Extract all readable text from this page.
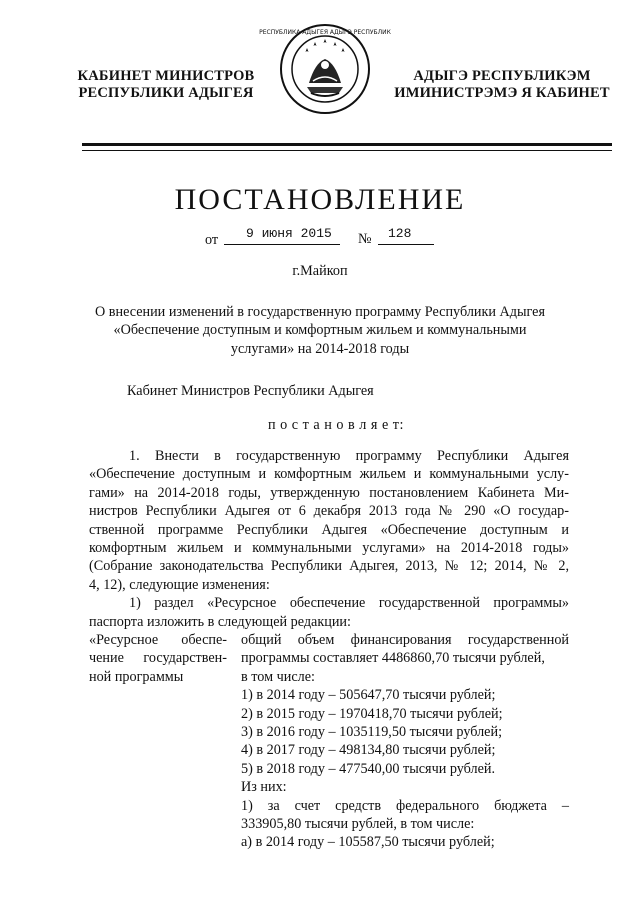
КАБИНЕТ МИНИСТРОВ
РЕСПУБЛИКИ АДЫГЕЯ
РЕСПУБЛИКА АДЫГЕЯ АДЫГЭ РЕСПУБЛИК
АДЫГЭ РЕСПУБЛИКЭМ
ИМИНИСТРЭМЭ Я КАБИНЕТ
ПОСТАНОВЛЕНИЕ
от 9 июня 2015 № 128
г.Майкоп
О внесении изменений в государственную программу Республики Адыгея
«Обеспечение доступным и комфортным жильем и коммунальными
услугами» на 2014-2018 годы
Кабинет Министров Республики Адыгея
п о с т а н о в л я е т:
1. Внести в государственную программу Республики Адыгея
«Обеспечение доступным и комфортным жильем и коммунальными услу-
гами» на 2014-2018 годы, утвержденную постановлением Кабинета Ми-
нистров Республики Адыгея от 6 декабря 2013 года № 290 «О государ-
ственной программе Республики Адыгея «Обеспечение доступным и
комфортным жильем и коммунальными услугами» на 2014-2018 годы»
(Собрание законодательства Республики Адыгея, 2013, № 12; 2014, № 2,
4, 12), следующие изменения:
1) раздел «Ресурсное обеспечение государственной программы»
паспорта изложить в следующей редакции:
«Ресурсное обеспе-
чение государствен-
ной программы
общий объем финансирования государственной
программы составляет 4486860,70 тысячи рублей,
в том числе:
1) в 2014 году – 505647,70 тысячи рублей;
2) в 2015 году – 1970418,70 тысячи рублей;
3) в 2016 году – 1035119,50 тысячи рублей;
4) в 2017 году – 498134,80 тысячи рублей;
5) в 2018 году – 477540,00 тысячи рублей.
Из них:
1) за счет средств федерального бюджета –
333905,80 тысячи рублей, в том числе:
а) в 2014 году – 105587,50 тысячи рублей;
